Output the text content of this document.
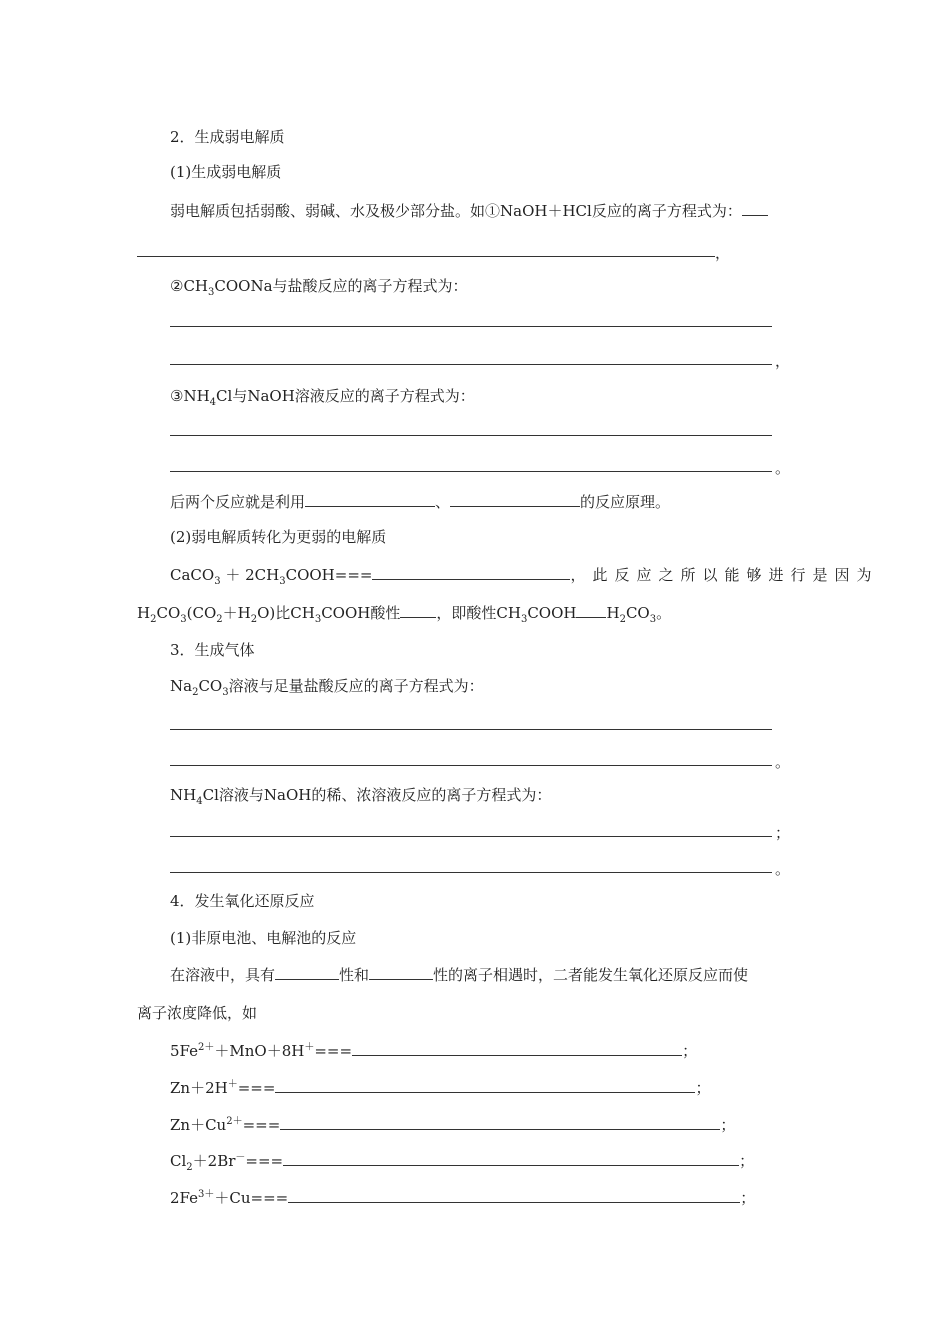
2．生成弱电解质
(1)生成弱电解质
弱电解质包括弱酸、弱碱、水及极少部分盐。如①NaOH＋HCl反应的离子方程式为：
，
$②CH_3COONa$与盐酸反应的离子方程式为：
，
$③NH_4Cl$与NaOH溶液反应的离子方程式为：
。
后两个反应就是利用	、	的反应原理。
(2)弱电解质转化为更弱的电解质
CaCO$_3$ ＋ $2CH_3COOH===$	，此反应之所以能够进行是因为
$H_2CO_3(CO_2+H_2O)$比$CH_3COOH$酸性 ，即酸性$CH_3COOH$ $H_2CO_3$。
3．生成气体
$Na_2CO_3$溶液与足量盐酸反应的离子方程式为：
。
$NH_4Cl$溶液与NaOH的稀、浓溶液反应的离子方程式为：
；
。
4．发生氧化还原反应
(1)非原电池、电解池的反应
在溶液中，具有	性和	性的离子相遇时，二者能发生氧化还原反应而使
离子浓度降低，如
$5Fe^{2+}+MnO+8H^+===$	；
Zn＋2H＋===	；
$Zn+Cu^{2+}===$	；
$Cl_2+2Br^-===$	；
$2Fe^{3+}+Cu===$	；
